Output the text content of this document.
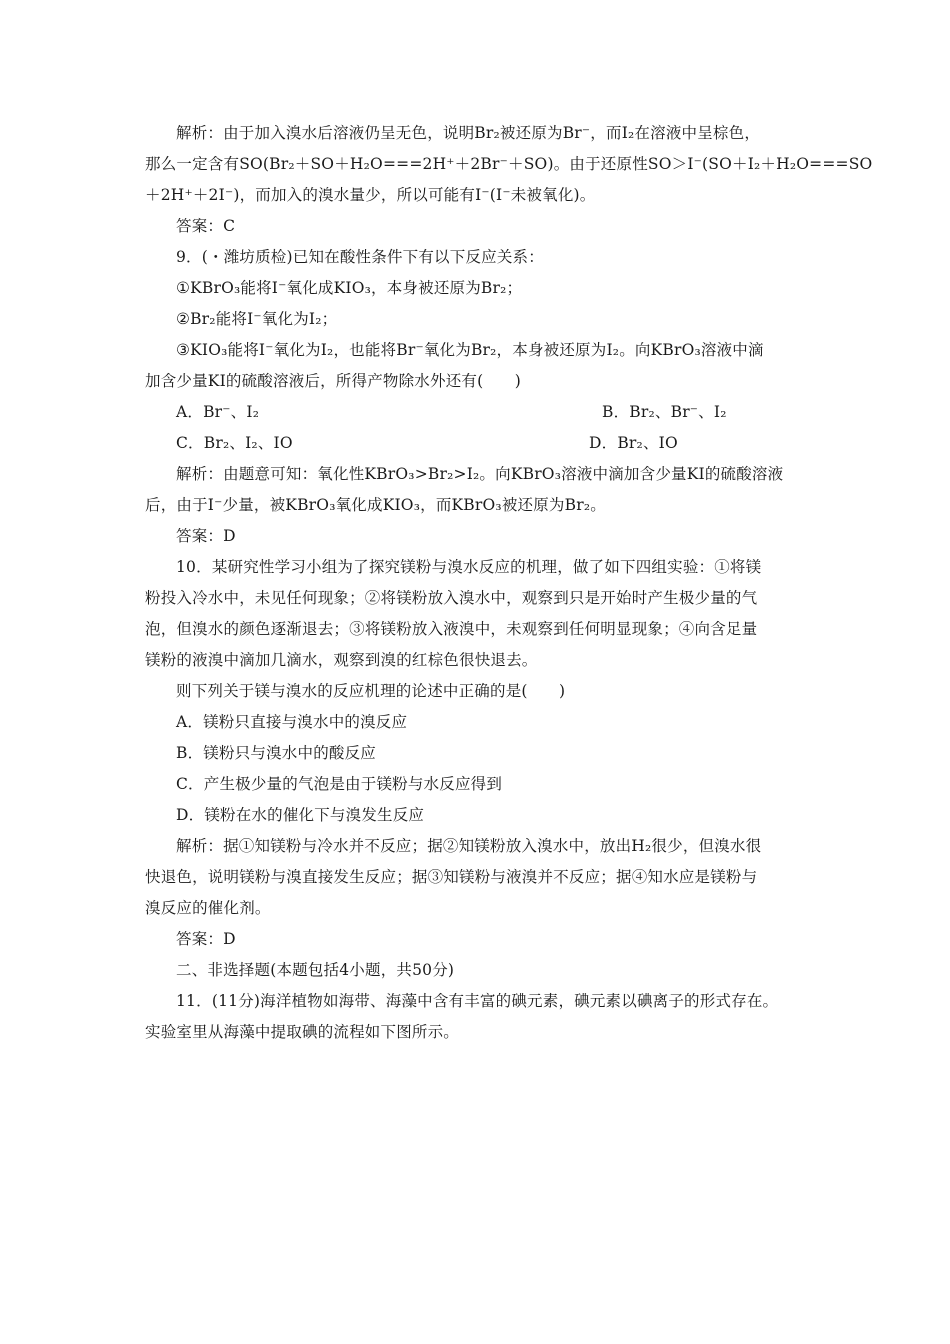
解析：由于加入溴水后溶液仍呈无色，说明Br₂被还原为Br⁻，而I₂在溶液中呈棕色，
那么一定含有SO(Br₂＋SO＋H₂O===2H⁺＋2Br⁻＋SO)。由于还原性SO＞I⁻(SO＋I₂＋H₂O===SO
＋2H⁺＋2I⁻)，而加入的溴水量少，所以可能有I⁻(I⁻未被氧化)。
答案：C
9．(・潍坊质检)已知在酸性条件下有以下反应关系：
①KBrO₃能将I⁻氧化成KIO₃，本身被还原为Br₂；
②Br₂能将I⁻氧化为I₂；
③KIO₃能将I⁻氧化为I₂，也能将Br⁻氧化为Br₂，本身被还原为I₂。向KBrO₃溶液中滴
加含少量KI的硫酸溶液后，所得产物除水外还有(　　)
A．Br⁻、I₂	B．Br₂、Br⁻、I₂
C．Br₂、I₂、IO	D．Br₂、IO
解析：由题意可知：氧化性KBrO₃>Br₂>I₂。向KBrO₃溶液中滴加含少量KI的硫酸溶液
后，由于I⁻少量，被KBrO₃氧化成KIO₃，而KBrO₃被还原为Br₂。
答案：D
10．某研究性学习小组为了探究镁粉与溴水反应的机理，做了如下四组实验：①将镁
粉投入冷水中，未见任何现象；②将镁粉放入溴水中，观察到只是开始时产生极少量的气
泡，但溴水的颜色逐渐退去；③将镁粉放入液溴中，未观察到任何明显现象；④向含足量
镁粉的液溴中滴加几滴水，观察到溴的红棕色很快退去。
则下列关于镁与溴水的反应机理的论述中正确的是(　　)
A．镁粉只直接与溴水中的溴反应
B．镁粉只与溴水中的酸反应
C．产生极少量的气泡是由于镁粉与水反应得到
D．镁粉在水的催化下与溴发生反应
解析：据①知镁粉与冷水并不反应；据②知镁粉放入溴水中，放出H₂很少，但溴水很
快退色，说明镁粉与溴直接发生反应；据③知镁粉与液溴并不反应；据④知水应是镁粉与
溴反应的催化剂。
答案：D
二、非选择题(本题包括4小题，共50分)
11．(11分)海洋植物如海带、海藻中含有丰富的碘元素，碘元素以碘离子的形式存在。
实验室里从海藻中提取碘的流程如下图所示。
